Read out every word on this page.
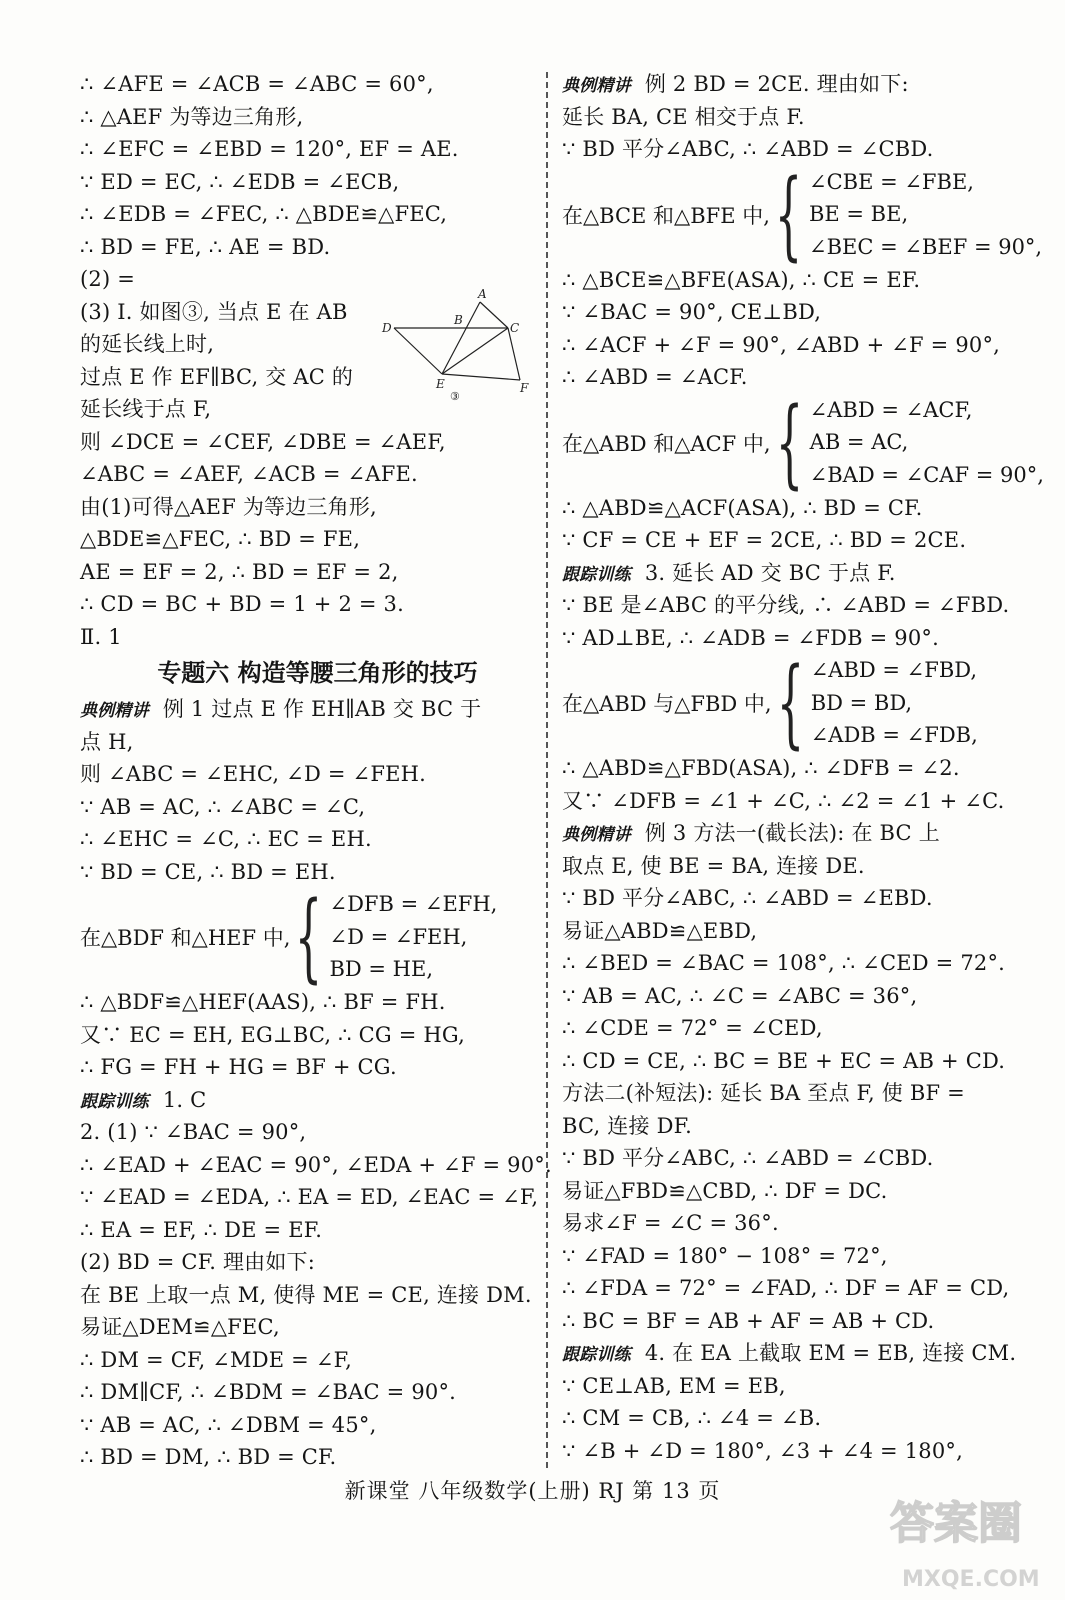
∴ ∠AFE = ∠ACB = ∠ABC = 60°,
∴ △AEF 为等边三角形,
∴ ∠EFC = ∠EBD = 120°, EF = AE.
∵ ED = EC, ∴ ∠EDB = ∠ECB,
∴ ∠EDB = ∠FEC, ∴ △BDE≌△FEC,
∴ BD = FE, ∴ AE = BD.
(2) =
(3) Ⅰ. 如图③, 当点 E 在 AB
的延长线上时,
过点 E 作 EF∥BC, 交 AC 的
延长线于点 F,
A
B
C
D
E	F
③
则 ∠DCE = ∠CEF, ∠DBE = ∠AEF,
∠ABC = ∠AEF, ∠ACB = ∠AFE.
由(1)可得△AEF 为等边三角形,
△BDE≌△FEC, ∴ BD = FE,
AE = EF = 2, ∴ BD = EF = 2,
∴ CD = BC + BD = 1 + 2 = 3.
Ⅱ. 1
专题六 构造等腰三角形的技巧
典例精讲 例 1 过点 E 作 EH∥AB 交 BC 于
点 H,
则 ∠ABC = ∠EHC, ∠D = ∠FEH.
∵ AB = AC, ∴ ∠ABC = ∠C,
∴ ∠EHC = ∠C, ∴ EC = EH.
∵ BD = CE, ∴ BD = EH.
在△BDF 和△HEF 中, { ∠DFB = ∠EFH,
∠D = ∠FEH,
BD = HE,
∴ △BDF≌△HEF(AAS), ∴ BF = FH.
又∵ EC = EH, EG⊥BC, ∴ CG = HG,
∴ FG = FH + HG = BF + CG.
跟踪训练 1. C
2. (1) ∵ ∠BAC = 90°,
∴ ∠EAD + ∠EAC = 90°, ∠EDA + ∠F = 90°.
∵ ∠EAD = ∠EDA, ∴ EA = ED, ∠EAC = ∠F,
∴ EA = EF, ∴ DE = EF.
(2) BD = CF. 理由如下:
在 BE 上取一点 M, 使得 ME = CE, 连接 DM.
易证△DEM≌△FEC,
∴ DM = CF, ∠MDE = ∠F,
∴ DM∥CF, ∴ ∠BDM = ∠BAC = 90°.
∵ AB = AC, ∴ ∠DBM = 45°,
∴ BD = DM, ∴ BD = CF.
典例精讲 例 2 BD = 2CE. 理由如下:
延长 BA, CE 相交于点 F.
∵ BD 平分∠ABC, ∴ ∠ABD = ∠CBD.
在△BCE 和△BFE 中, { ∠CBE = ∠FBE,
BE = BE,
∠BEC = ∠BEF = 90°,
∴ △BCE≌△BFE(ASA), ∴ CE = EF.
∵ ∠BAC = 90°, CE⊥BD,
∴ ∠ACF + ∠F = 90°, ∠ABD + ∠F = 90°,
∴ ∠ABD = ∠ACF.
在△ABD 和△ACF 中, { ∠ABD = ∠ACF,
AB = AC,
∠BAD = ∠CAF = 90°,
∴ △ABD≌△ACF(ASA), ∴ BD = CF.
∵ CF = CE + EF = 2CE, ∴ BD = 2CE.
跟踪训练 3. 延长 AD 交 BC 于点 F.
∵ BE 是∠ABC 的平分线, ∴ ∠ABD = ∠FBD.
∵ AD⊥BE, ∴ ∠ADB = ∠FDB = 90°.
在△ABD 与△FBD 中, { ∠ABD = ∠FBD,
BD = BD,
∠ADB = ∠FDB,
∴ △ABD≌△FBD(ASA), ∴ ∠DFB = ∠2.
又∵ ∠DFB = ∠1 + ∠C, ∴ ∠2 = ∠1 + ∠C.
典例精讲 例 3 方法一(截长法): 在 BC 上
取点 E, 使 BE = BA, 连接 DE.
∵ BD 平分∠ABC, ∴ ∠ABD = ∠EBD.
易证△ABD≌△EBD,
∴ ∠BED = ∠BAC = 108°, ∴ ∠CED = 72°.
∵ AB = AC, ∴ ∠C = ∠ABC = 36°,
∴ ∠CDE = 72° = ∠CED,
∴ CD = CE, ∴ BC = BE + EC = AB + CD.
方法二(补短法): 延长 BA 至点 F, 使 BF =
BC, 连接 DF.
∵ BD 平分∠ABC, ∴ ∠ABD = ∠CBD.
易证△FBD≌△CBD, ∴ DF = DC.
易求∠F = ∠C = 36°.
∵ ∠FAD = 180° − 108° = 72°,
∴ ∠FDA = 72° = ∠FAD, ∴ DF = AF = CD,
∴ BC = BF = AB + AF = AB + CD.
跟踪训练 4. 在 EA 上截取 EM = EB, 连接 CM.
∵ CE⊥AB, EM = EB,
∴ CM = CB, ∴ ∠4 = ∠B.
∵ ∠B + ∠D = 180°, ∠3 + ∠4 = 180°,
新课堂 八年级数学(上册) RJ 第 13 页
答案圈
MXQE.COM
